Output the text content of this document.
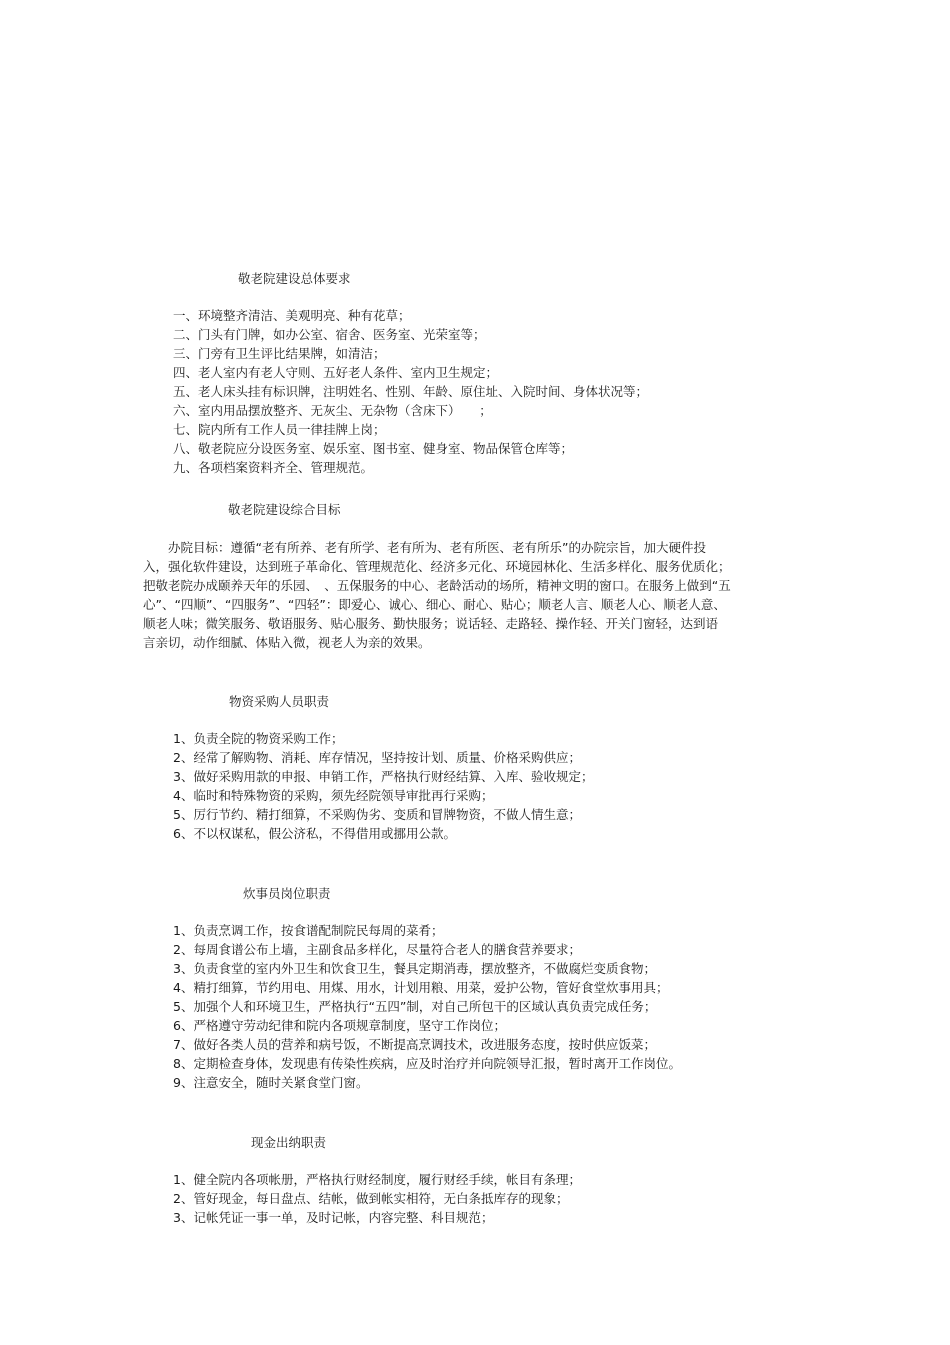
敬老院建设总体要求
一、环境整齐清洁、美观明亮、种有花草；
二、门头有门牌，如办公室、宿舍、医务室、光荣室等；
三、门旁有卫生评比结果牌，如清洁；
四、老人室内有老人守则、五好老人条件、室内卫生规定；
五、老人床头挂有标识牌，注明姓名、性别、年龄、原住址、入院时间、身体状况等；
六、室内用品摆放整齐、无灰尘、无杂物（含床下）　　；
七、院内所有工作人员一律挂牌上岗；
八、敬老院应分设医务室、娱乐室、图书室、健身室、物品保管仓库等；
九、各项档案资料齐全、管理规范。
敬老院建设综合目标
　　办院目标：遵循“老有所养、老有所学、老有所为、老有所医、老有所乐”的办院宗旨，加大硬件投
入，强化软件建设，达到班子革命化、管理规范化、经济多元化、环境园林化、生活多样化、服务优质化；
把敬老院办成颐养天年的乐园、　、五保服务的中心、老龄活动的场所，精神文明的窗口。在服务上做到“五
心”、“四顺”、“四服务”、“四轻”：即爱心、诚心、细心、耐心、贴心；顺老人言、顺老人心、顺老人意、
顺老人味；微笑服务、敬语服务、贴心服务、勤快服务；说话轻、走路轻、操作轻、开关门窗轻，达到语
言亲切，动作细腻、体贴入微，视老人为亲的效果。
物资采购人员职责
1、负责全院的物资采购工作；
2、经常了解购物、消耗、库存情况，坚持按计划、质量、价格采购供应；
3、做好采购用款的申报、申销工作，严格执行财经结算、入库、验收规定；
4、临时和特殊物资的采购，须先经院领导审批再行采购；
5、厉行节约、精打细算，不采购伪劣、变质和冒牌物资，不做人情生意；
6、不以权谋私，假公济私，不得借用或挪用公款。
炊事员岗位职责
1、负责烹调工作，按食谱配制院民每周的菜肴；
2、每周食谱公布上墙，主副食品多样化，尽量符合老人的膳食营养要求；
3、负责食堂的室内外卫生和饮食卫生，餐具定期消毒，摆放整齐，不做腐烂变质食物；
4、精打细算，节约用电、用煤、用水，计划用粮、用菜，爱护公物，管好食堂炊事用具；
5、加强个人和环境卫生，严格执行“五四”制，对自己所包干的区域认真负责完成任务；
6、严格遵守劳动纪律和院内各项规章制度，坚守工作岗位；
7、做好各类人员的营养和病号饭，不断提高烹调技术，改进服务态度，按时供应饭菜；
8、定期检查身体，发现患有传染性疾病，应及时治疗并向院领导汇报，暂时离开工作岗位。
9、注意安全，随时关紧食堂门窗。
现金出纳职责
1、健全院内各项帐册，严格执行财经制度，履行财经手续，帐目有条理；
2、管好现金，每日盘点、结帐，做到帐实相符，无白条抵库存的现象；
3、记帐凭证一事一单，及时记帐，内容完整、科目规范；
